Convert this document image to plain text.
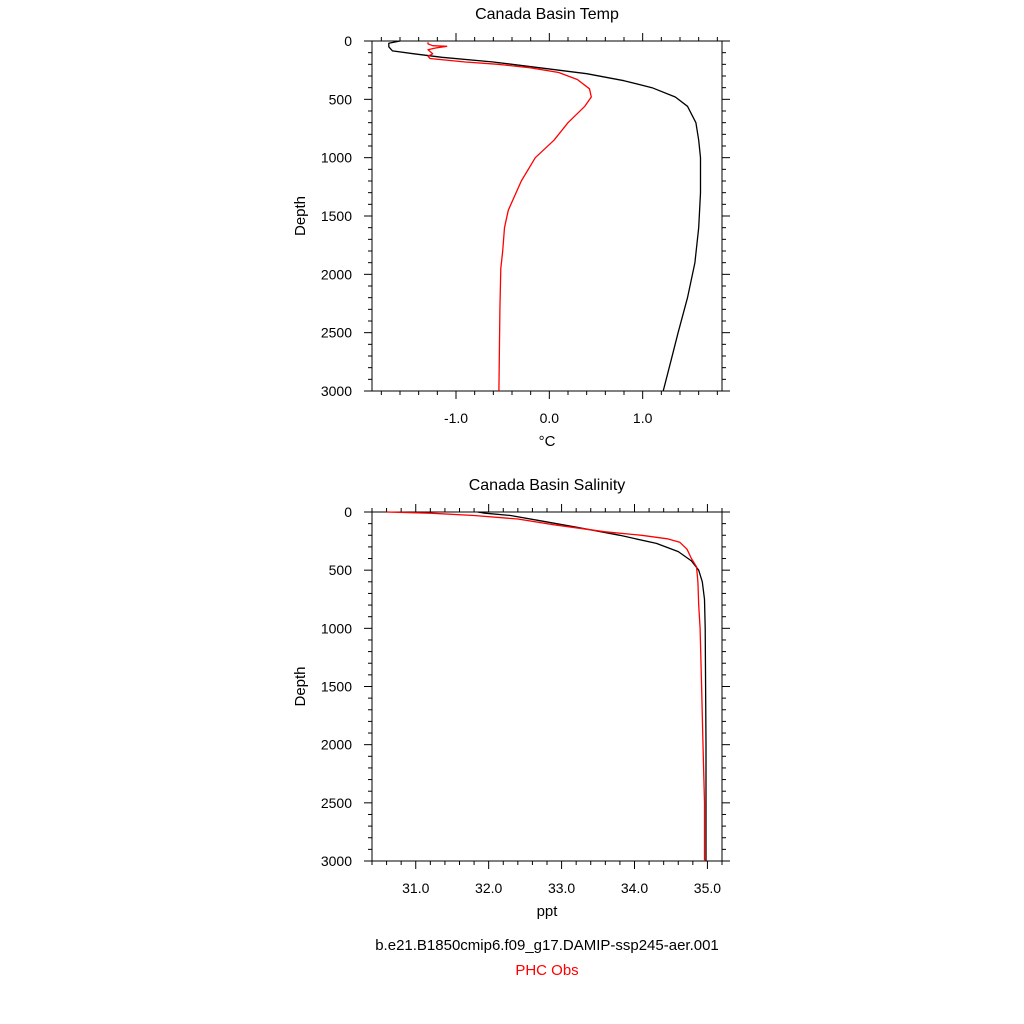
Canada Basin Temp
0
500
1000
1500
2000
2500
3000
-1.0	0.0	1.0
°C
Depth
Canada Basin Salinity
0
500
1000
1500
2000
2500
3000
31.0	32.0	33.0	34.0	35.0
ppt
Depth
b.e21.B1850cmip6.f09_g17.DAMIP-ssp245-aer.001
PHC Obs
